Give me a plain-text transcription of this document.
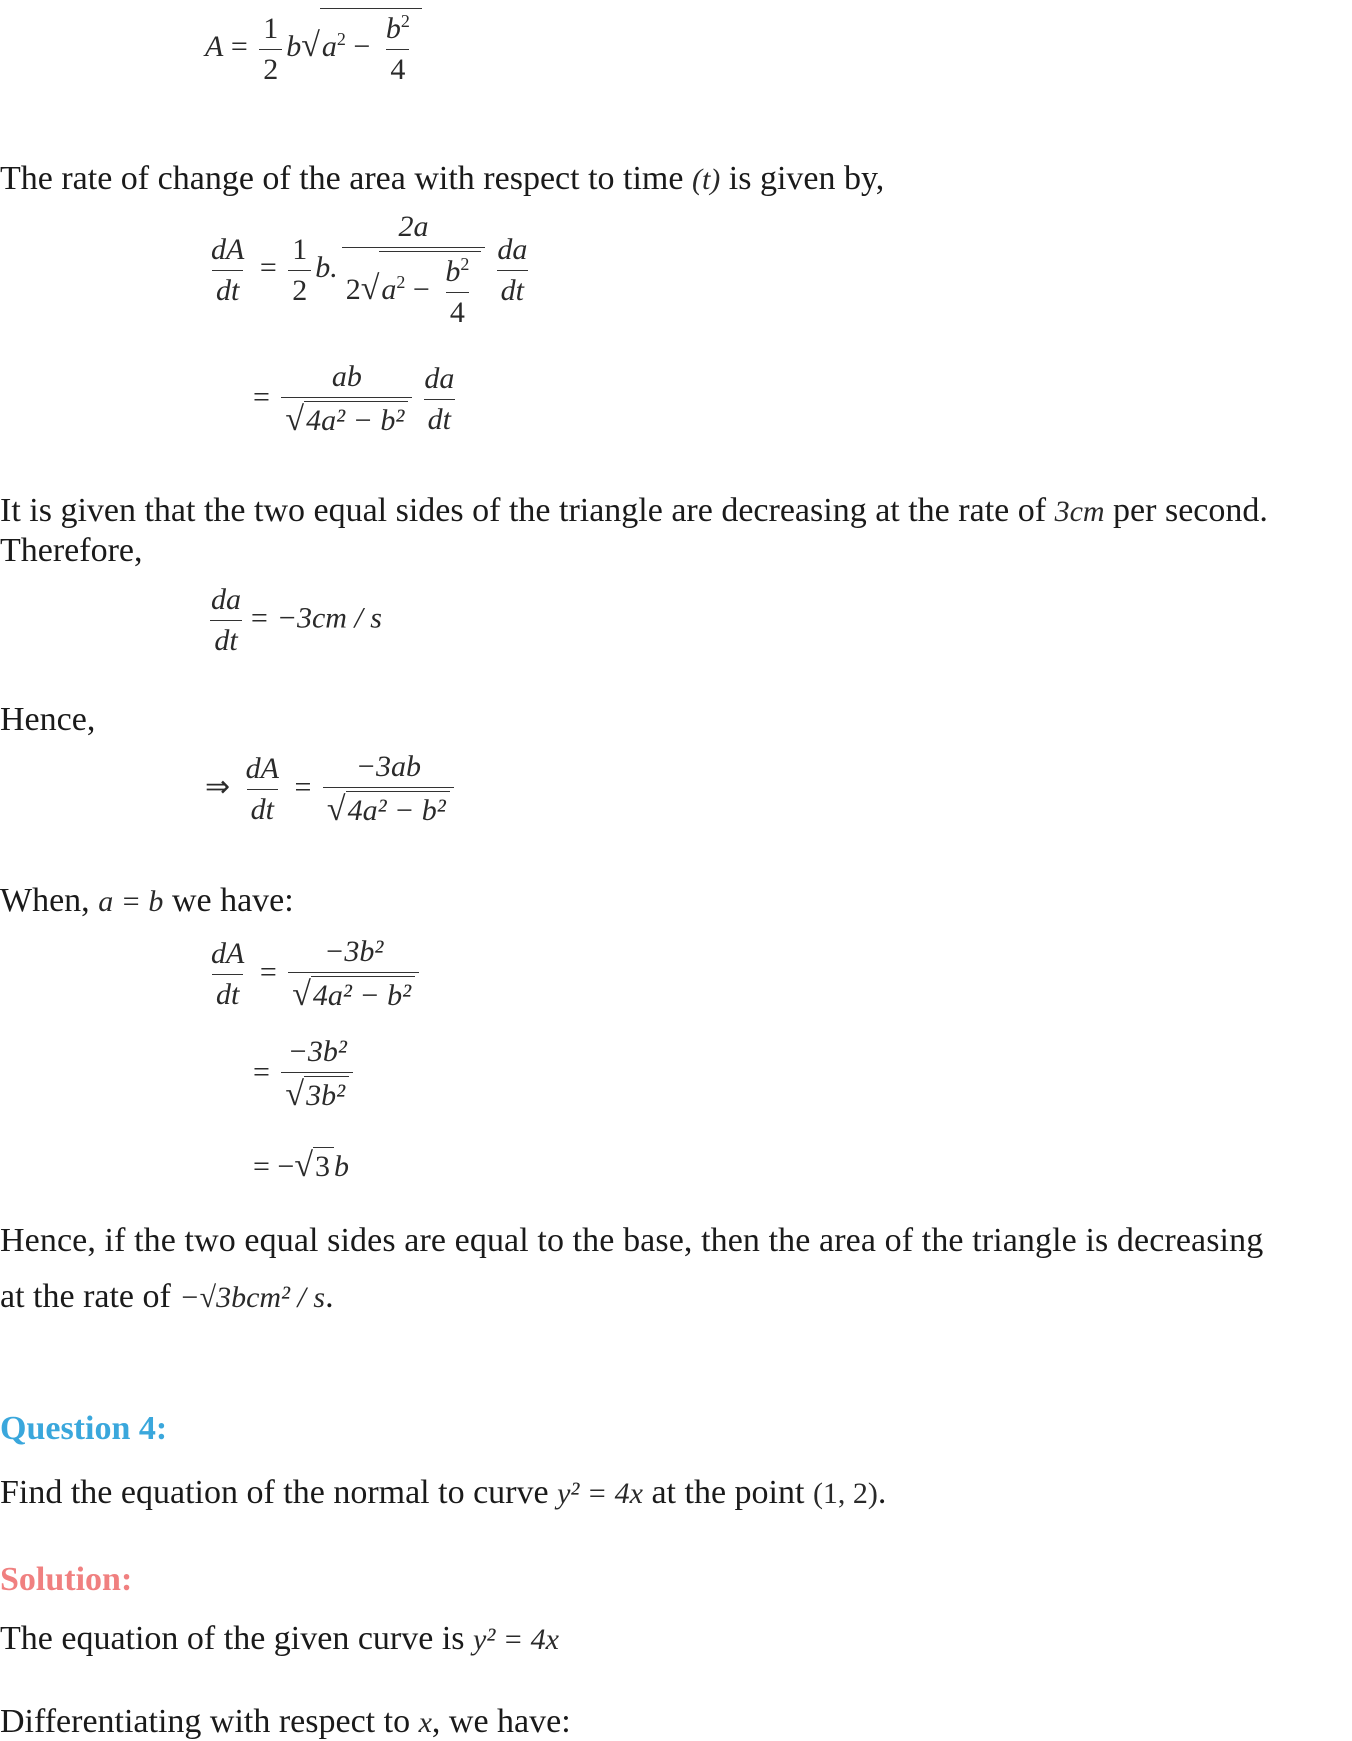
$A = \frac{1}{2} b√a^2 - \frac{b^2}{4}$
The rate of change of the area with respect to time (t) is given by,
$\frac{dA}{dt} = \frac{1}{2} b$. $\frac{2a}{2√a^2 - \frac{b^2}{4}} \frac{da}{dt}$
= $\frac{ab}{\text{√4a² − b²}} \frac{da}{dt}$
It is given that the two equal sides of the triangle are decreasing at the rate of 3cm per second.
Therefore,
$\frac{da}{dt} = -3cm / s$
Hence,
⇒ $\frac{dA}{dt} = \frac{-3ab}{\text{√4a² − b²}}$
When, a = b we have:
$\frac{dA}{dt} = \frac{\text{−3b²}}{\text{√4a² − b²}}$
= $\frac{\text{−3b²}}{\text{√3b²}}$
= −√3 b
Hence, if the two equal sides are equal to the base, then the area of the triangle is decreasing
at the rate of −√3bcm² / s.
Question 4:
Find the equation of the normal to curve y² = 4x at the point (1, 2).
Solution:
The equation of the given curve is y² = 4x
Differentiating with respect to x, we have:
